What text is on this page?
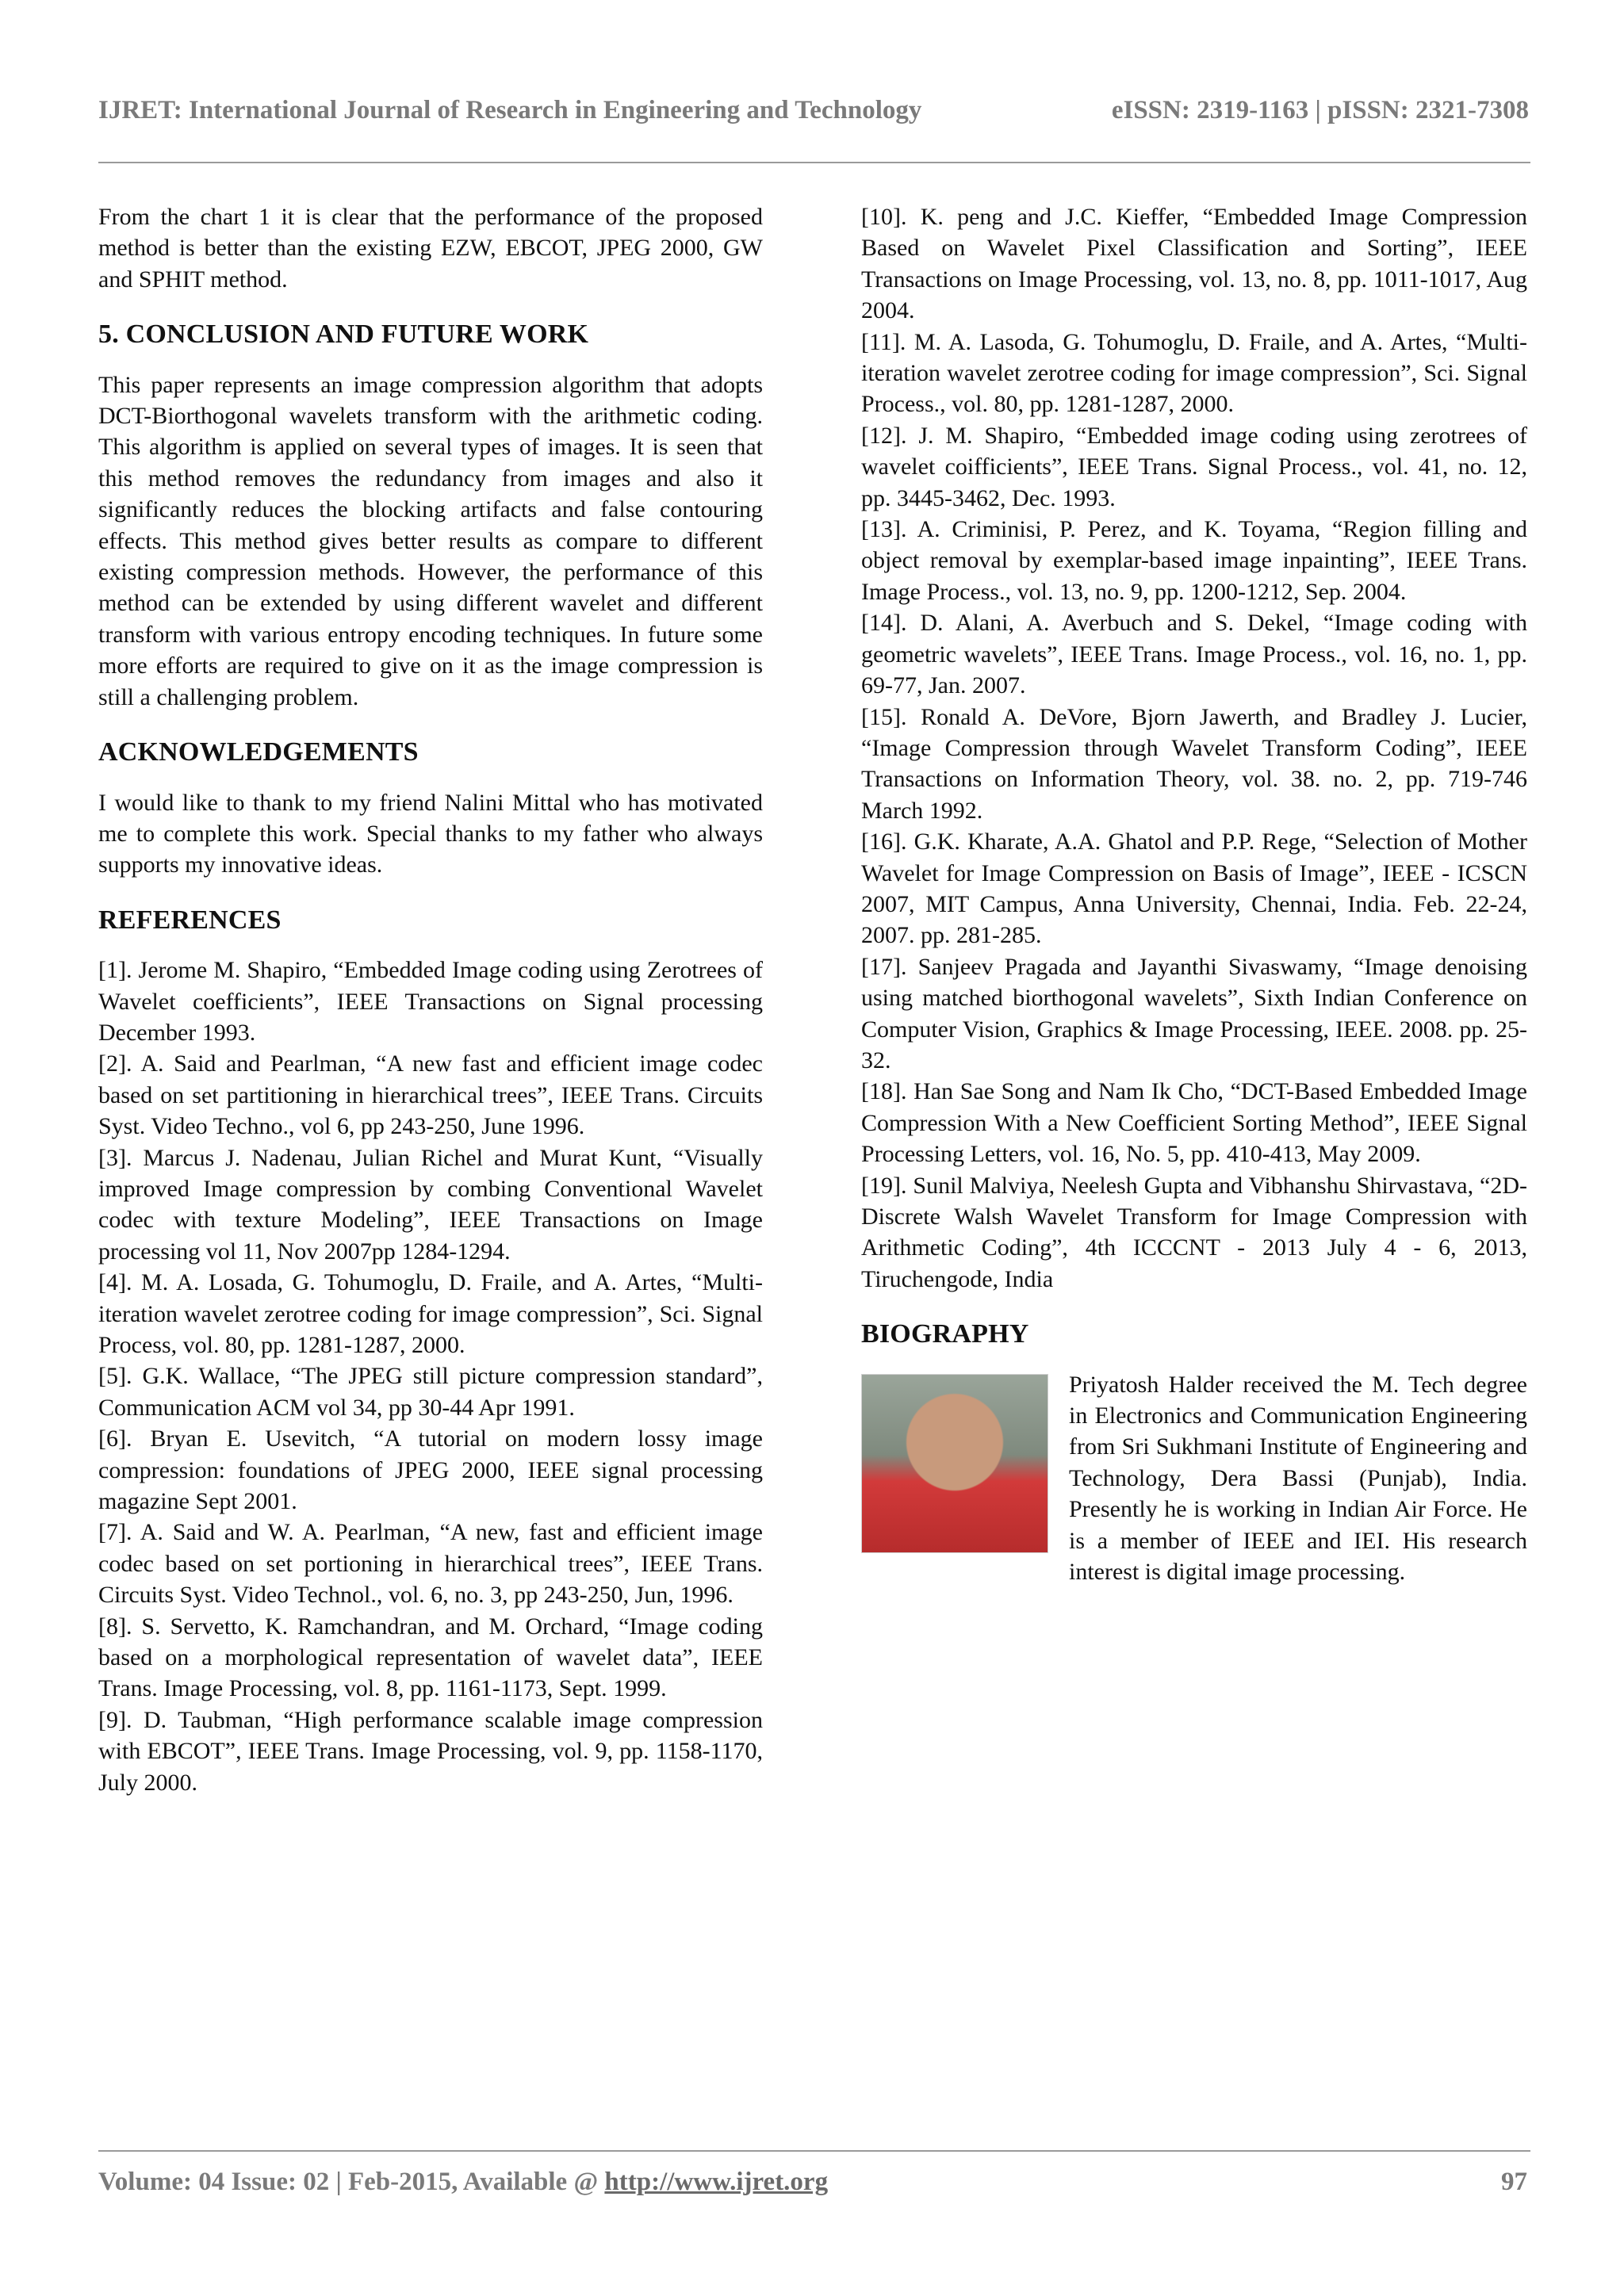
IJRET: International Journal of Research in Engineering and Technology	eISSN: 2319-1163 | pISSN: 2321-7308

From the chart 1 it is clear that the performance of the proposed method is better than the existing EZW, EBCOT, JPEG 2000, GW and SPHIT method.

5. CONCLUSION AND FUTURE WORK

This paper represents an image compression algorithm that adopts DCT-Biorthogonal wavelets transform with the arithmetic coding. This algorithm is applied on several types of images. It is seen that this method removes the redundancy from images and also it significantly reduces the blocking artifacts and false contouring effects. This method gives better results as compare to different existing compression methods. However, the performance of this method can be extended by using different wavelet and different transform with various entropy encoding techniques. In future some more efforts are required to give on it as the image compression is still a challenging problem.

ACKNOWLEDGEMENTS

I would like to thank to my friend Nalini Mittal who has motivated me to complete this work. Special thanks to my father who always supports my innovative ideas.

REFERENCES

[1]. Jerome M. Shapiro, “Embedded Image coding using Zerotrees of Wavelet coefficients”, IEEE Transactions on Signal processing December 1993.

[2]. A. Said and Pearlman, “A new fast and efficient image codec based on set partitioning in hierarchical trees”, IEEE Trans. Circuits Syst. Video Techno., vol 6, pp 243-250, June 1996.

[3]. Marcus J. Nadenau, Julian Richel and Murat Kunt, “Visually improved Image compression by combing Conventional Wavelet codec with texture Modeling”, IEEE Transactions on Image processing vol 11, Nov 2007pp 1284-1294.

[4]. M. A. Losada, G. Tohumoglu, D. Fraile, and A. Artes, “Multi-iteration wavelet zerotree coding for image compression”, Sci. Signal Process, vol. 80, pp. 1281-1287, 2000.

[5]. G.K. Wallace, “The JPEG still picture compression standard”, Communication ACM vol 34, pp 30-44 Apr 1991.

[6]. Bryan E. Usevitch, “A tutorial on modern lossy image compression: foundations of JPEG 2000, IEEE signal processing magazine Sept 2001.

[7]. A. Said and W. A. Pearlman, “A new, fast and efficient image codec based on set portioning in hierarchical trees”, IEEE Trans. Circuits Syst. Video Technol., vol. 6, no. 3, pp 243-250, Jun, 1996.

[8]. S. Servetto, K. Ramchandran, and M. Orchard, “Image coding based on a morphological representation of wavelet data”, IEEE Trans. Image Processing, vol. 8, pp. 1161-1173, Sept. 1999.

[9]. D. Taubman, “High performance scalable image compression with EBCOT”, IEEE Trans. Image Processing, vol. 9, pp. 1158-1170, July 2000.

[10]. K. peng and J.C. Kieffer, “Embedded Image Compression Based on Wavelet Pixel Classification and Sorting”, IEEE Transactions on Image Processing, vol. 13, no. 8, pp. 1011-1017, Aug 2004.

[11]. M. A. Lasoda, G. Tohumoglu, D. Fraile, and A. Artes, “Multi-iteration wavelet zerotree coding for image compression”, Sci. Signal Process., vol. 80, pp. 1281-1287, 2000.

[12]. J. M. Shapiro, “Embedded image coding using zerotrees of wavelet coifficients”, IEEE Trans. Signal Process., vol. 41, no. 12, pp. 3445-3462, Dec. 1993.

[13]. A. Criminisi, P. Perez, and K. Toyama, “Region filling and object removal by exemplar-based image inpainting”, IEEE Trans. Image Process., vol. 13, no. 9, pp. 1200-1212, Sep. 2004.

[14]. D. Alani, A. Averbuch and S. Dekel, “Image coding with geometric wavelets”, IEEE Trans. Image Process., vol. 16, no. 1, pp. 69-77, Jan. 2007.

[15]. Ronald A. DeVore, Bjorn Jawerth, and Bradley J. Lucier, “Image Compression through Wavelet Transform Coding”, IEEE Transactions on Information Theory, vol. 38. no. 2, pp. 719-746 March 1992.

[16]. G.K. Kharate, A.A. Ghatol and P.P. Rege, “Selection of Mother Wavelet for Image Compression on Basis of Image”, IEEE - ICSCN 2007, MIT Campus, Anna University, Chennai, India. Feb. 22-24, 2007. pp. 281-285.

[17]. Sanjeev Pragada and Jayanthi Sivaswamy, “Image denoising using matched biorthogonal wavelets”, Sixth Indian Conference on Computer Vision, Graphics & Image Processing, IEEE. 2008. pp. 25-32.

[18]. Han Sae Song and Nam Ik Cho, “DCT-Based Embedded Image Compression With a New Coefficient Sorting Method”, IEEE Signal Processing Letters, vol. 16, No. 5, pp. 410-413, May 2009.

[19]. Sunil Malviya, Neelesh Gupta and Vibhanshu Shirvastava, “2D-Discrete Walsh Wavelet Transform for Image Compression with Arithmetic Coding”, 4th ICCCNT - 2013 July 4 - 6, 2013, Tiruchengode, India

BIOGRAPHY

Priyatosh Halder received the M. Tech degree in Electronics and Communication Engineering from Sri Sukhmani Institute of Engineering and Technology, Dera Bassi (Punjab), India. Presently he is working in Indian Air Force. He is a member of IEEE and IEI. His research interest is digital image processing.

Volume: 04 Issue: 02 | Feb-2015, Available @ http://www.ijret.org	97
